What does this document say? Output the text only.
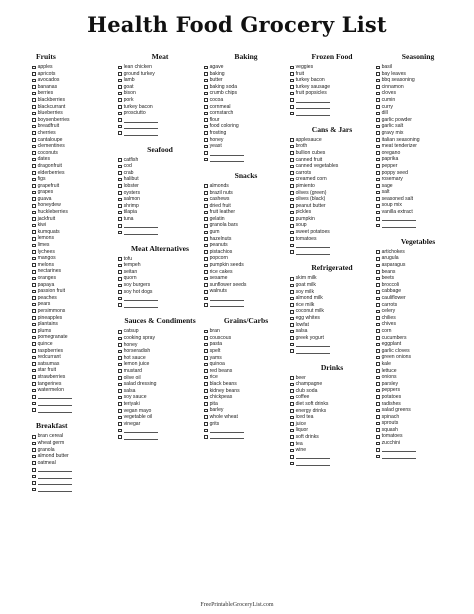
Health Food Grocery List
Fruits
apples
apricots
avocados
bananas
berries
blackberries
blackcurrant
blueberries
boysenberries
breadfruit
cherries
cantaloupe
clementines
coconuts
dates
dragonfruit
elderberries
figs
grapefruit
grapes
guava
honeydew
huckleberries
jackfruit
kiwi
kumquats
lemons
limes
lychees
mangos
melons
nectarines
oranges
papaya
passion fruit
peaches
pears
persimmons
pineapples
plantains
plums
pomegranate
quince
raspberries
redcurrant
satsumas
star fruit
strawberries
tangerines
watermelon
Breakfast
bran cereal
wheat germ
granola
almond butter
oatmeal
Meat
lean chicken
ground turkey
lamb
goat
bison
pork
turkey bacon
prosciutto
Seafood
catfish
cod
crab
halibut
lobster
oysters
salmon
shrimp
tilapia
tuna
Meat Alternatives
tofu
tempeh
seitan
quorn
soy burgers
soy hot dogs
Sauces & Condiments
catsup
cooking spray
honey
horseradish
hot sauce
lemon juice
mustard
olive oil
salad dressing
salsa
soy sauce
teriyaki
vegan mayo
vegetable oil
vinegar
Baking
agave
baking
butter
baking soda
crumb chips
cocoa
cornmeal
cornstarch
flour
food coloring
frosting
honey
yeast
Snacks
almonds
brazil nuts
cashews
dried fruit
fruit leather
gelatin
granola bars
gum
hazelnuts
peanuts
pistachios
popcorn
pumpkin seeds
rice cakes
sesame
sunflower seeds
walnuts
Grains/Carbs
bran
couscous
pasta
spelt
yams
quinoa
red beans
rice
black beans
kidney beans
chickpeas
pita
barley
whole wheat
grits
Frozen Food
veggies
fruit
turkey bacon
turkey sausage
fruit popsicles
Cans & Jars
applesauce
broth
bullion cubes
canned fruit
canned vegetables
carrots
creamed corn
pimiento
olives (green)
olives (black)
peanut butter
pickles
pumpkin
soup
sweet potatoes
tomatoes
Refrigerated
skim milk
goat milk
soy milk
almond milk
rice milk
coconut milk
egg whites
lowfat
salsa
greek yogurt
Drinks
beer
champagne
club soda
coffee
diet soft drinks
energy drinks
iced tea
juice
liquor
soft drinks
tea
wine
Seasoning
basil
bay leaves
bbq seasoning
cinnamon
cloves
cumin
curry
dill
garlic powder
garlic salt
gravy mix
italian seasoning
meat tenderizer
oregano
paprika
pepper
poppy seed
rosemary
sage
salt
seasoned salt
soup mix
vanilla extract
Vegetables
artichokes
arugula
asparagus
beans
beets
broccoli
cabbage
cauliflower
carrots
celery
chilies
chives
corn
cucumbers
eggplant
garlic cloves
green onions
kale
lettuce
onions
parsley
peppers
potatoes
radishes
salad greens
spinach
sprouts
squash
tomatoes
zucchini
FreePrintableGroceryList.com
